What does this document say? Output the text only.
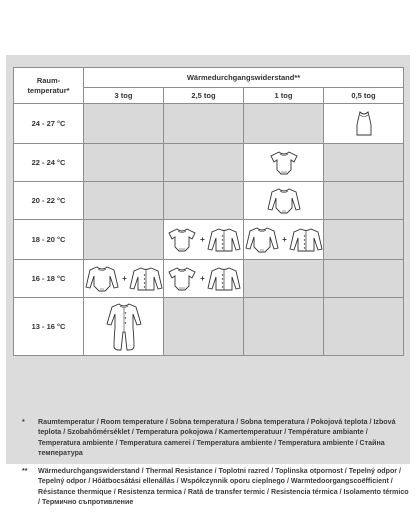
Raum-
temperatur*	Wärmedurchgangswiderstand**			
	3 tog	2,5 tog	1 tog	0,5 tog
24 - 27 °C				

22 - 24 °C			

20 - 22 °C			

18 - 20 °C		+	+	

16 - 18 °C	+	+		

13 - 16 °C	

* Raumtemperatur / Room temperature / Sobna temperatura / Sobna temperatura / Pokojová teplota / Izbová teplota / Szobahőmérséklet / Temperatura pokojowa / Kamertemperatuur / Température ambiante / Temperatura ambiente / Temperatura camerei / Temperatura ambiente / Temperatura ambiente / Стайна температура
** Wärmedurchgangswiderstand / Thermal Resistance / Toplotni razred / Toplinska otpornost / Tepelný odpor / Tepelný odpor / Hőátbocsátási ellenállás / Współczynnik oporu cieplnego / Warmtedoorgangscoëfficient / Résistance thermique / Resistenza termica / Rată de transfer termic / Resistencia térmica / Isolamento térmico / Термично съпротивление
